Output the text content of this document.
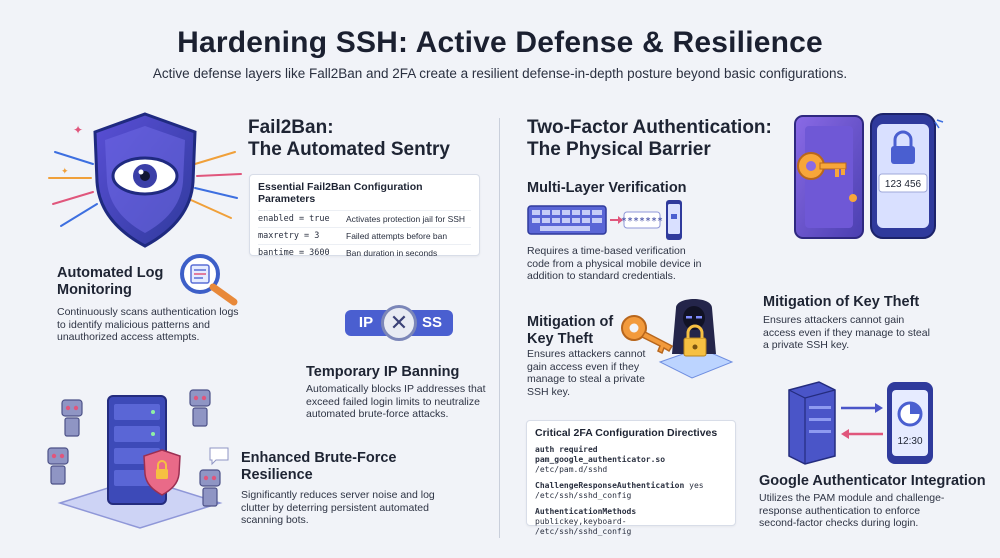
Hardening SSH: Active Defense & Resilience
Active defense layers like Fall2Ban and 2FA create a resilient defense-in-depth posture beyond basic configurations.
✦
✦
Fail2Ban:
The Automated Sentry
Essential Fail2Ban Configuration Parameters
enabled = true	Activates protection jail for SSH
maxretry = 3	Failed attempts before ban
bantime = 3600	Ban duration in seconds
Automated Log
Monitoring
Continuously scans authentication logs to identify malicious patterns and unauthorized access attempts.
IP	SS
✕
Temporary IP Banning
Automatically blocks IP addresses that exceed failed login limits to neutralize automated brute-force attacks.
Enhanced Brute-Force
Resilience
Significantly reduces server noise and log clutter by deterring persistent automated scanning bots.
Two-Factor Authentication:
The Physical Barrier
123 456
Multi-Layer Verification
*******
Requires a time-based verification code from a physical mobile device in addition to standard credentials.
Mitigation of
Key Theft
Ensures attackers cannot gain access even if they manage to steal a private SSH key.
Mitigation of Key Theft
Ensures attackers cannot gain access even if they manage to steal a private SSH key.
Critical 2FA Configuration Directives
auth required pam_google_authenticator.so
/etc/pam.d/sshd
ChallengeResponseAuthentication yes
/etc/ssh/sshd_config
AuthenticationMethods publickey,keyboard-
/etc/ssh/sshd_config
12:30
Google Authenticator Integration
Utilizes the PAM module and challenge-response authentication to enforce second-factor checks during login.
